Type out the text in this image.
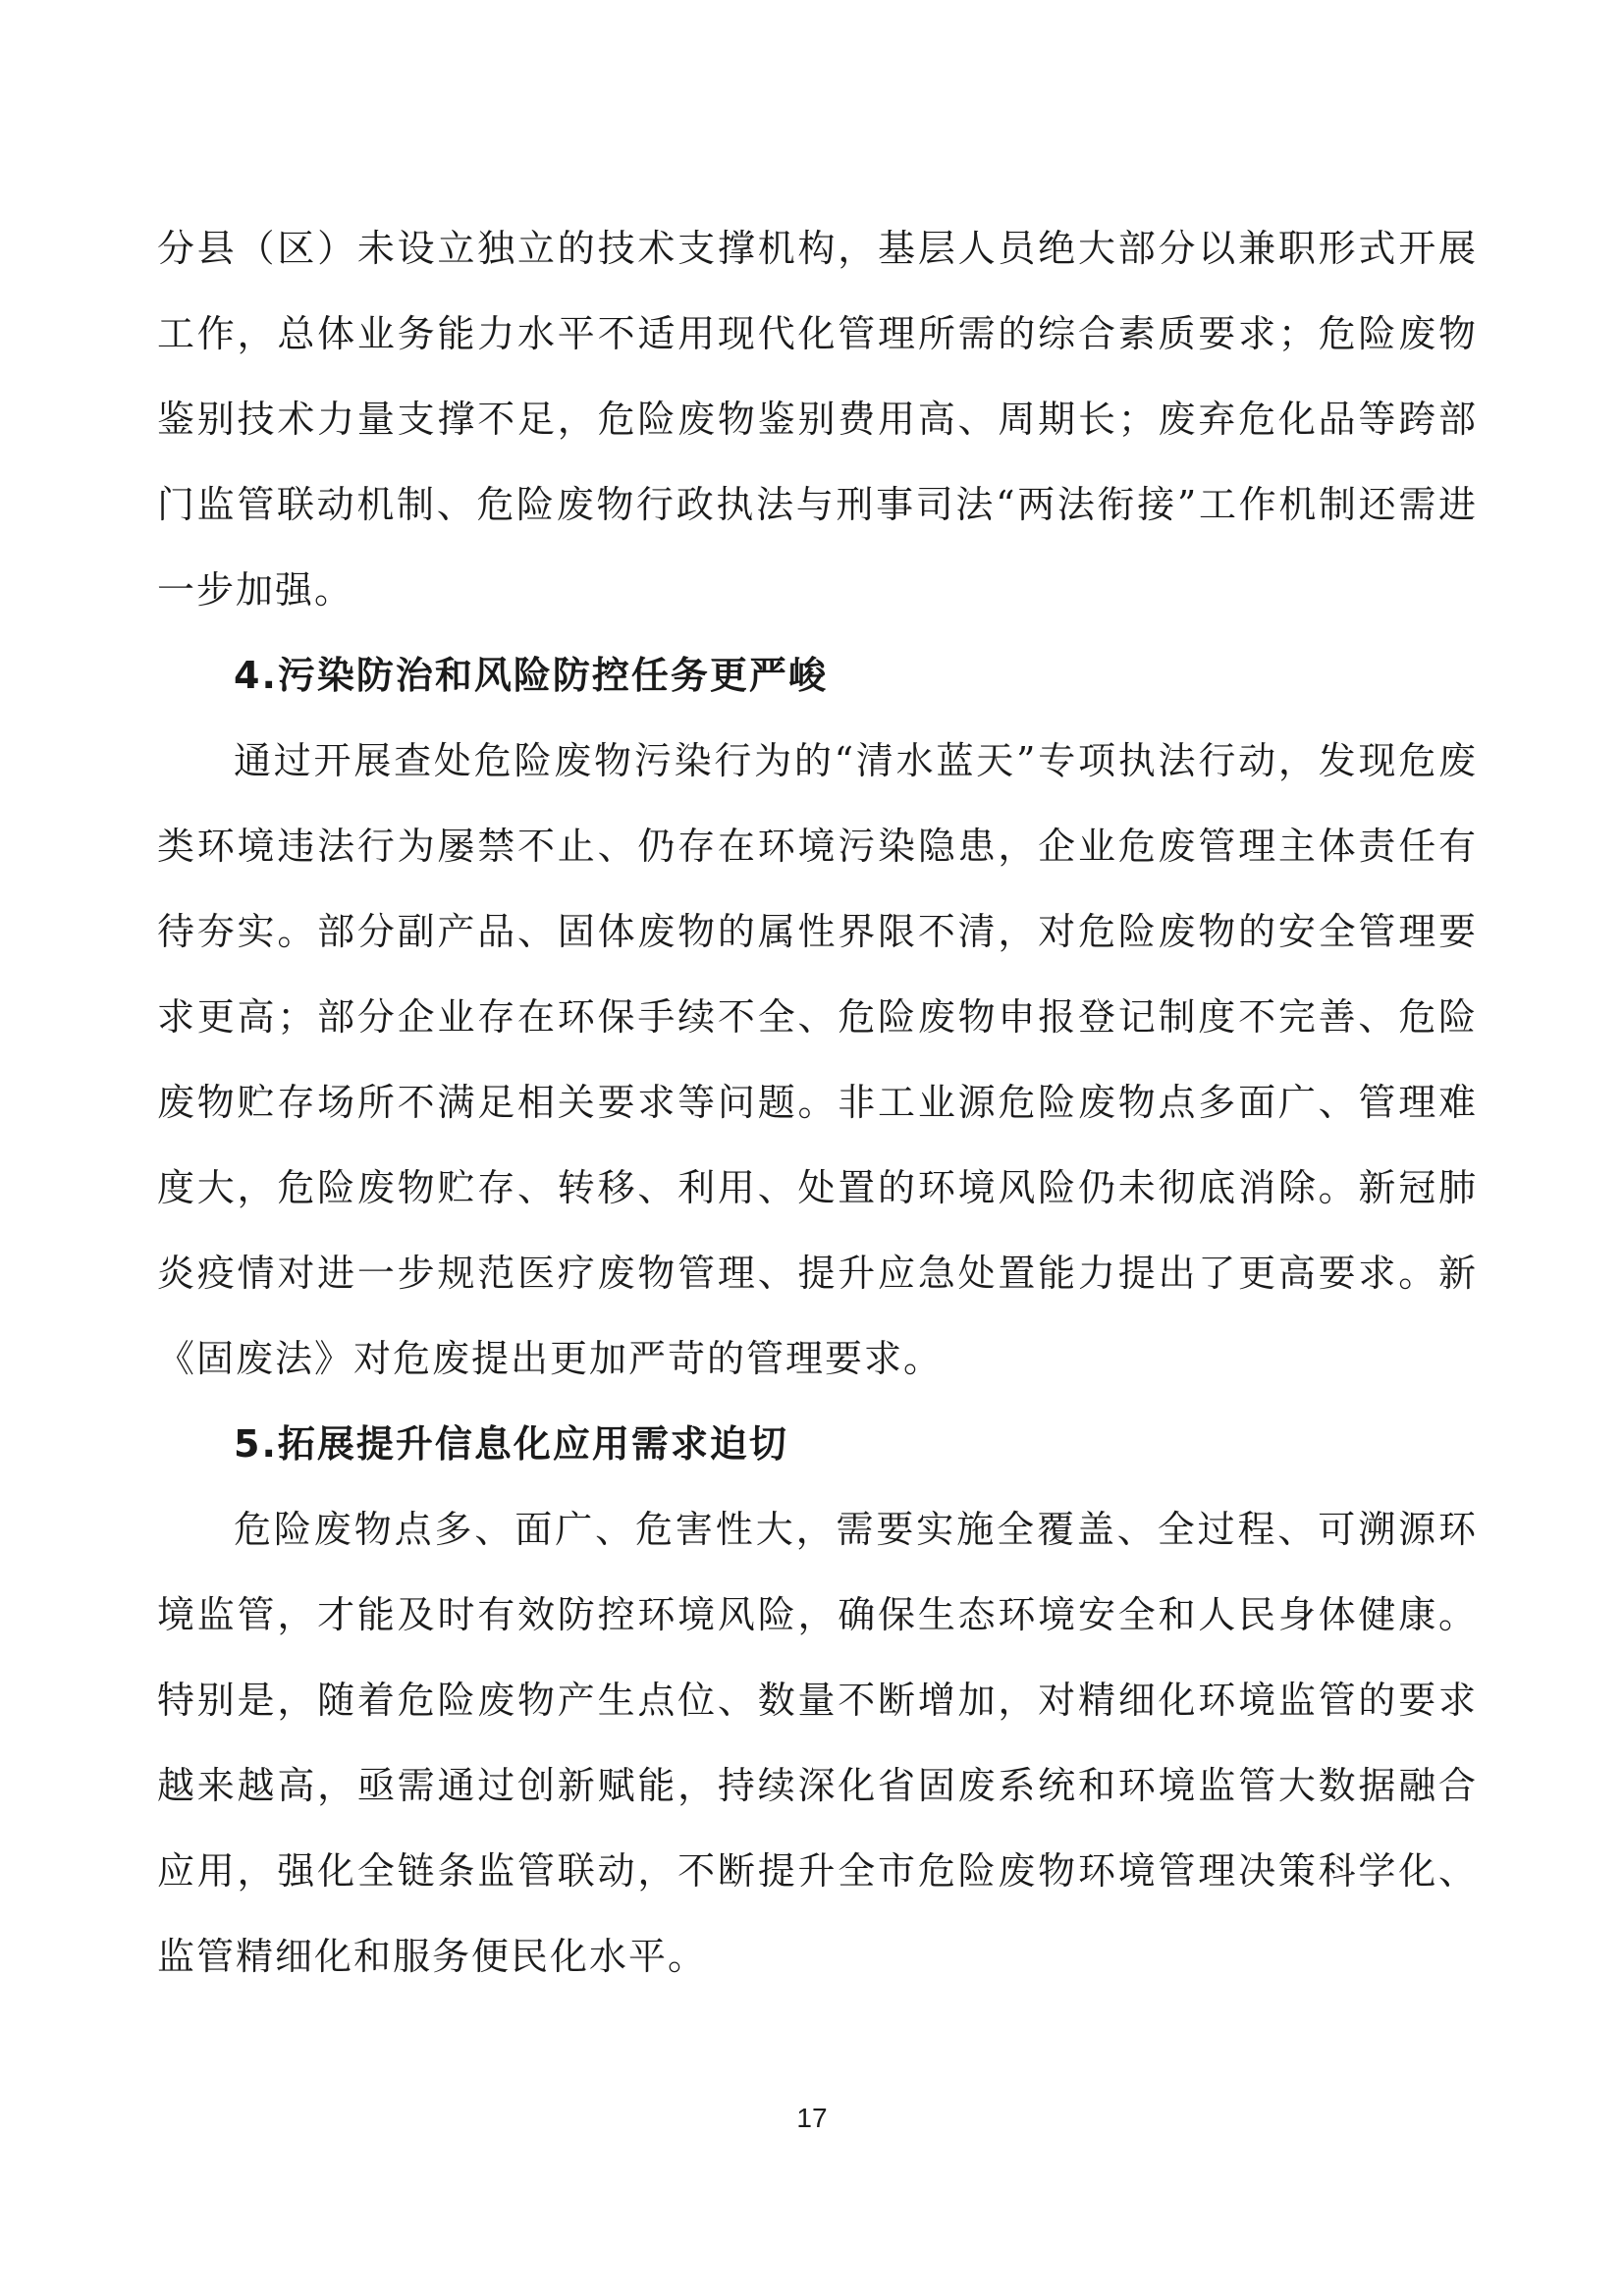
分县（区）未设立独立的技术支撑机构，基层人员绝大部分以兼职形式开展工作，总体业务能力水平不适用现代化管理所需的综合素质要求；危险废物鉴别技术力量支撑不足，危险废物鉴别费用高、周期长；废弃危化品等跨部门监管联动机制、危险废物行政执法与刑事司法“两法衔接”工作机制还需进一步加强。

4.污染防治和风险防控任务更严峻

通过开展查处危险废物污染行为的“清水蓝天”专项执法行动，发现危废类环境违法行为屡禁不止、仍存在环境污染隐患，企业危废管理主体责任有待夯实。部分副产品、固体废物的属性界限不清，对危险废物的安全管理要求更高；部分企业存在环保手续不全、危险废物申报登记制度不完善、危险废物贮存场所不满足相关要求等问题。非工业源危险废物点多面广、管理难度大，危险废物贮存、转移、利用、处置的环境风险仍未彻底消除。新冠肺炎疫情对进一步规范医疗废物管理、提升应急处置能力提出了更高要求。新《固废法》对危废提出更加严苛的管理要求。

5.拓展提升信息化应用需求迫切

危险废物点多、面广、危害性大，需要实施全覆盖、全过程、可溯源环境监管，才能及时有效防控环境风险，确保生态环境安全和人民身体健康。特别是，随着危险废物产生点位、数量不断增加，对精细化环境监管的要求越来越高，亟需通过创新赋能，持续深化省固废系统和环境监管大数据融合应用，强化全链条监管联动，不断提升全市危险废物环境管理决策科学化、监管精细化和服务便民化水平。

17
